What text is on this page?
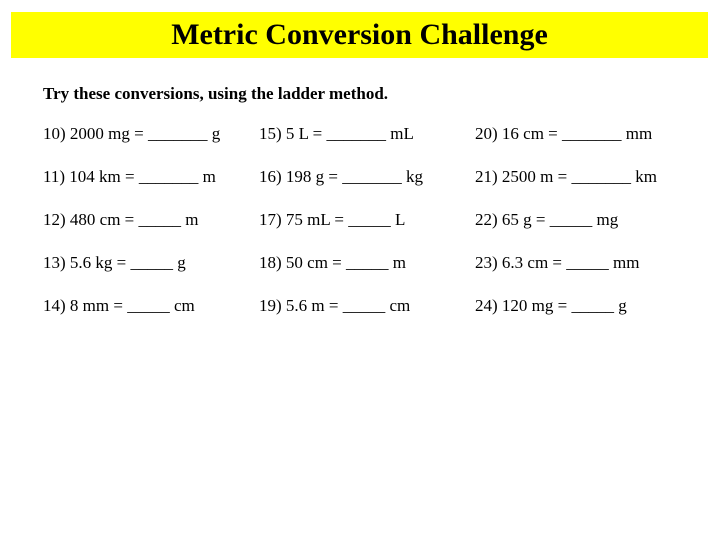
Metric Conversion Challenge
Try these conversions, using the ladder method.
10) 2000 mg = _______ g 15) 5 L = _______ mL	20) 16 cm = _______ mm
11) 104 km = _______ m	16) 198 g = _______ kg	21) 2500 m = _______ km
12) 480 cm = _____ m	17) 75 mL = _____ L	22) 65 g = _____ mg
13) 5.6 kg = _____ g	18) 50 cm = _____ m	23) 6.3 cm = _____ mm
14) 8 mm = _____ cm	19) 5.6 m = _____ cm	24) 120 mg = _____ g
